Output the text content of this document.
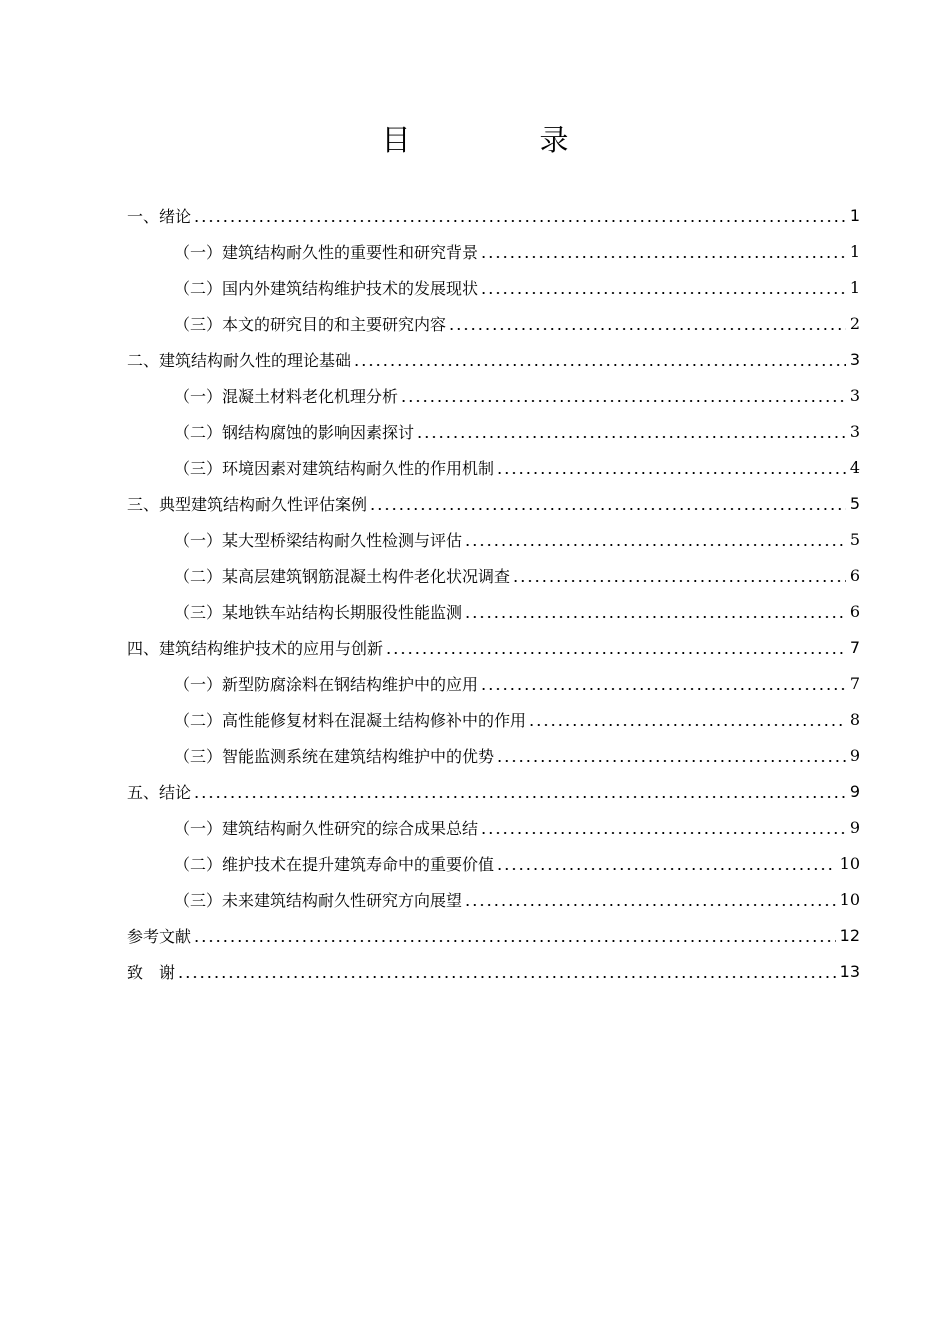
目　录
一、绪论	1
（一）建筑结构耐久性的重要性和研究背景	1
（二）国内外建筑结构维护技术的发展现状	1
（三）本文的研究目的和主要研究内容	2
二、建筑结构耐久性的理论基础	3
（一）混凝土材料老化机理分析	3
（二）钢结构腐蚀的影响因素探讨	3
（三）环境因素对建筑结构耐久性的作用机制	4
三、典型建筑结构耐久性评估案例	5
（一）某大型桥梁结构耐久性检测与评估	5
（二）某高层建筑钢筋混凝土构件老化状况调查	6
（三）某地铁车站结构长期服役性能监测	6
四、建筑结构维护技术的应用与创新	7
（一）新型防腐涂料在钢结构维护中的应用	7
（二）高性能修复材料在混凝土结构修补中的作用	8
（三）智能监测系统在建筑结构维护中的优势	9
五、结论	9
（一）建筑结构耐久性研究的综合成果总结	9
（二）维护技术在提升建筑寿命中的重要价值	10
（三）未来建筑结构耐久性研究方向展望	10
参考文献	12
致　谢	13
